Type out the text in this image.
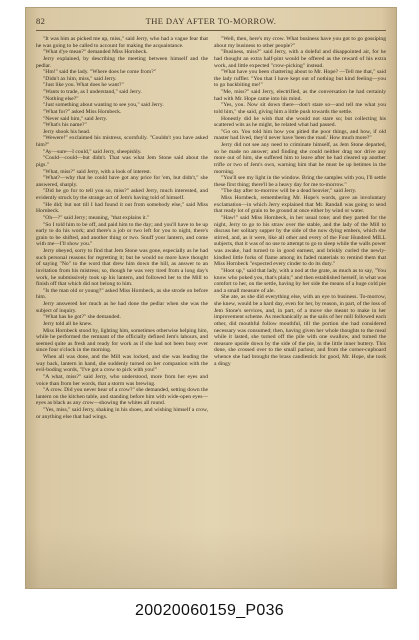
82	THE DAY AFTER TO-MORROW.

"It was him as picked me up, miss," said Jerry, who had a vague fear that he was going to be called to account for making the acquaintance.

"What d'ye mean?" demanded Miss Hornbeck.

Jerry explained, by describing the meeting between himself and the pedlar.

"Hm!" said the lady. "Where does he come from?"

"Didn't ax him, miss," said Jerry.

"Just like you. What does he want?"

"Wants to trade, as I understand," said Jerry.

"Nothing else?"

"Just something about wanting to see you," said Jerry.

"What for?" asked Miss Hornbeck.

"Never said him," said Jerry.

"What's his name?"

Jerry shook his head.

"Wewere!" exclaimed his mistress, scornfully. "Couldn't you have asked him?"

"Ay—sure—I could," said Jerry, sheepishly.

"Could—could—but didn't. That was what Jem Stone said about the pigs."

"What, miss?" said Jerry, with a look of interest.

"What?—why that he could have got any price for 'em, but didn't," she answered, sharply.

"Did he go for to tell you so, miss?" asked Jerry, much interested, and evidently struck by the strange act of Jem's having told of himself.

"He did; but not till I had found it out from somebody else," said Miss Hornbeck.

"Oh—?" said Jerry; meaning, "that explains it."

"So I told him to be off, and paid him to the day; and you'll have to be up early to do his work; and there's a job or two left for you to night, there's grain to be shifted, and another thing or two. Snuff your lantern, and come with me—I'll show you."

Jerry obeyed, sorry to find that Jem Stone was gone, especially as he had such personal reasons for regretting it; but he would no more have thought of saying "No" to the word that drew him down the hill, as answer to an invitation from his mistress; so, though he was very tired from a long day's work, he submissively took up his lantern, and followed her to the Mill to finish off that which did not belong to him.

"Is the man old or young?" asked Miss Hornbeck, as she strode on before him.

Jerry answered her much as he had done the pedlar when she was the subject of inquiry.

"What has he got?" she demanded.

Jerry told all he knew.

Miss Hornbeck stood by, lighting him, sometimes otherwise helping him, while he performed the remnant of the officially defined Jem's labours, and seemed quite as fresh and ready for work as if she had not been busy ever since four o'clock in the morning.

When all was done, and the Mill was locked, and she was leading the way back, lantern in hand, she suddenly turned on her companion with the evil-boding words, "I've got a crow to pick with you!"

"A what, miss?" said Jerry, who understood, more from her eyes and voice than from her words, that a storm was brewing.

"A crow. Did you never hear of a crow?" she demanded, setting down the lantern on the kitchen table, and standing before him with wide-open eyes—eyes as black as any crow—showing the whites all round.

"Yes, miss," said Jerry, shaking in his shoes, and wishing himself a crow, or anything else that had wings.

"Well, then, here's my crow. What business have you got to go gossiping about my business to other people?"

"Business, miss?" said Jerry, with a doleful and disappointed air, for he had thought an extra half-pint would be offered as the reward of his extra work, and little expected "crow-picking" instead.

"What have you been chattering about to Mr. Hope? —Tell me that," said the lady ruffler. "You that I have kept out of nothing but kind feeling—you to go backbiting me!"

"Me, miss?" said Jerry, electrified, as the conversation he had certainly had with Mr. Hope came into his mind.

"Yes, you. Now sit down there—don't stare so—and tell me what you told him," she said, giving him a little push towards the settle.

Honestly did he wish that she would not stare so; but collecting his scattered wits as he might, he related what had passed.

"Go on. You told him how you pitied the poor things, and how, if old master had lived, they'd never have 'been the road.' How much more?"

Jerry did not see any need to criminate himself, as Jem Stone departed, so he made no answer; and finding she could neither drag nor drive any more out of him, she suffered him to leave after he had cleared up another trifle or two of Jem's own, warning him that he must be up betimes in the morning.

"You'll see my light in the window. Bring the samples with you, I'll settle these first thing; there'll be a heavy day for me to-morrow."

"The day after to-morrow will be a dead heavier," said Jerry.

Miss Hornbeck, remembering Mr. Hope's words, gave an involuntary exclamation—in which Jerry explained that Mr. Randall was going to send that ready lot of grain to be ground at once either by wind or water.

"Haw!" said Miss Hornbeck, in her usual tone; and they parted for the night, Jerry to go to his straw over the stable, and the lady of the Mill to discuss her solitary supper by the side of the now dying embers, which she stirred, and, as it were, like all other and every of the Four Hundred MILL subjects, that it was of no use to attempt to go to sleep while the walls power was awake, had turned to in good earnest, and briskly curled the newly-kindled little forks of flame among its faded materials to remind them that Miss Hornbeck "expected every cinder to do its duty."

"Hoot up," said that lady, with a nod at the grate, as much as to say, "You know who poked you, that's plain;" and then established herself, in what was comfort to her, on the settle, having by her side the means of a huge cold pie and a small measure of ale.

She ate, as she did everything else, with an eye to business. To-morrow, she knew, would be a hard day, even for her, by reason, in part, of the loss of Jem Stone's services, and, in part, of a move she meant to make in her improvement scheme. As mechanically as the sails of her mill followed each other, did mouthful follow mouthful, till the portion she had considered necessary was consumed; then, having given her whole thoughts to the meal while it lasted, she turned off the pile with one swallow, and turned the measure upside down by the side of the pie, in the little inner buttery. This done, she crossed over to the small parlour, and from the corner-cupboard whence she had brought the brass candlestick for good, Mr. Hope, she took a dingy

20020060159_P036
